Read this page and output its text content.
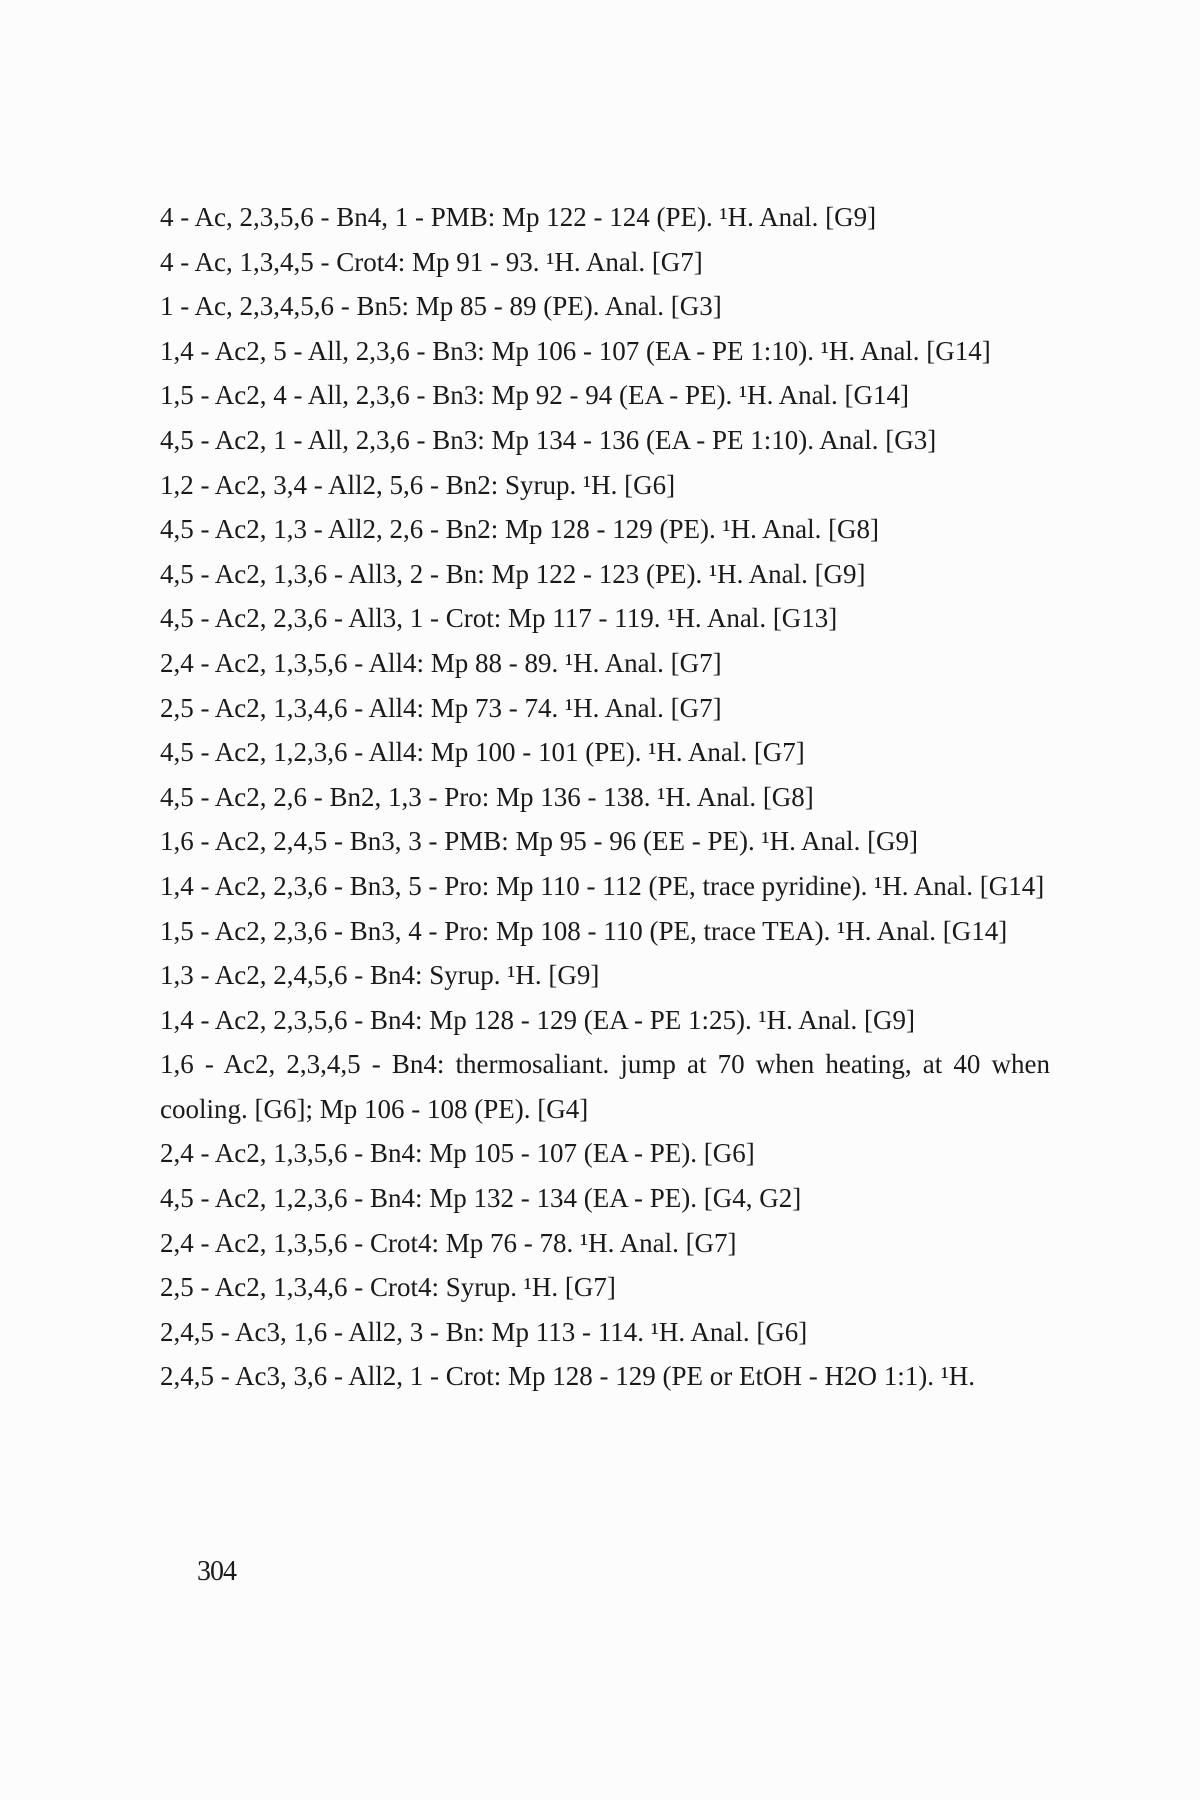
4 - Ac, 2,3,5,6 - Bn4, 1 - PMB: Mp 122 - 124 (PE). ¹H. Anal. [G9]

4 - Ac, 1,3,4,5 - Crot4: Mp 91 - 93. ¹H. Anal. [G7]

1 - Ac, 2,3,4,5,6 - Bn5: Mp 85 - 89 (PE). Anal. [G3]

1,4 - Ac2, 5 - All, 2,3,6 - Bn3: Mp 106 - 107 (EA - PE 1:10). ¹H. Anal. [G14]

1,5 - Ac2, 4 - All, 2,3,6 - Bn3: Mp 92 - 94 (EA - PE). ¹H. Anal. [G14]

4,5 - Ac2, 1 - All, 2,3,6 - Bn3: Mp 134 - 136 (EA - PE 1:10). Anal. [G3]

1,2 - Ac2, 3,4 - All2, 5,6 - Bn2: Syrup. ¹H. [G6]

4,5 - Ac2, 1,3 - All2, 2,6 - Bn2: Mp 128 - 129 (PE). ¹H. Anal. [G8]

4,5 - Ac2, 1,3,6 - All3, 2 - Bn: Mp 122 - 123 (PE). ¹H. Anal. [G9]

4,5 - Ac2, 2,3,6 - All3, 1 - Crot: Mp 117 - 119. ¹H. Anal. [G13]

2,4 - Ac2, 1,3,5,6 - All4: Mp 88 - 89. ¹H. Anal. [G7]

2,5 - Ac2, 1,3,4,6 - All4: Mp 73 - 74. ¹H. Anal. [G7]

4,5 - Ac2, 1,2,3,6 - All4: Mp 100 - 101 (PE). ¹H. Anal. [G7]

4,5 - Ac2, 2,6 - Bn2, 1,3 - Pro: Mp 136 - 138. ¹H. Anal. [G8]

1,6 - Ac2, 2,4,5 - Bn3, 3 - PMB: Mp 95 - 96 (EE - PE). ¹H. Anal. [G9]

1,4 - Ac2, 2,3,6 - Bn3, 5 - Pro: Mp 110 - 112 (PE, trace pyridine). ¹H. Anal. [G14]

1,5 - Ac2, 2,3,6 - Bn3, 4 - Pro: Mp 108 - 110 (PE, trace TEA). ¹H. Anal. [G14]

1,3 - Ac2, 2,4,5,6 - Bn4: Syrup. ¹H. [G9]

1,4 - Ac2, 2,3,5,6 - Bn4: Mp 128 - 129 (EA - PE 1:25). ¹H. Anal. [G9]

1,6 - Ac2, 2,3,4,5 - Bn4: thermosaliant. jump at 70 when heating, at 40 when cooling. [G6]; Mp 106 - 108 (PE). [G4]

2,4 - Ac2, 1,3,5,6 - Bn4: Mp 105 - 107 (EA - PE). [G6]

4,5 - Ac2, 1,2,3,6 - Bn4: Mp 132 - 134 (EA - PE). [G4, G2]

2,4 - Ac2, 1,3,5,6 - Crot4: Mp 76 - 78. ¹H. Anal. [G7]

2,5 - Ac2, 1,3,4,6 - Crot4: Syrup. ¹H. [G7]

2,4,5 - Ac3, 1,6 - All2, 3 - Bn: Mp 113 - 114. ¹H. Anal. [G6]

2,4,5 - Ac3, 3,6 - All2, 1 - Crot: Mp 128 - 129 (PE or EtOH - H2O 1:1). ¹H.

304
